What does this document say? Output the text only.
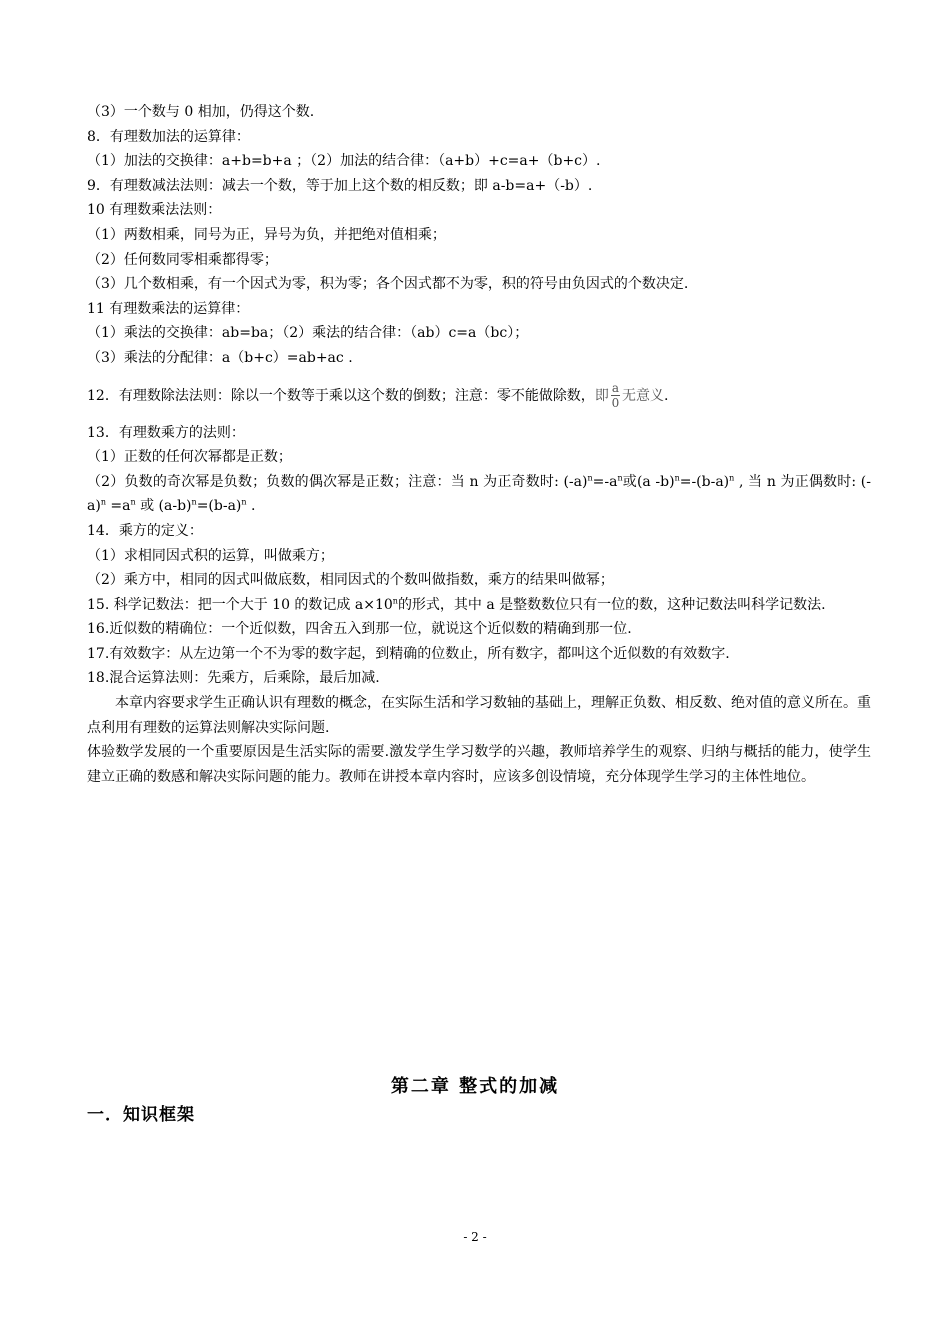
（3）一个数与 0 相加，仍得这个数.
8．有理数加法的运算律：
（1）加法的交换律：a+b=b+a ；（2）加法的结合律：（a+b）+c=a+（b+c）.
9．有理数减法法则：减去一个数，等于加上这个数的相反数；即 a-b=a+（-b）.
10 有理数乘法法则：
（1）两数相乘，同号为正，异号为负，并把绝对值相乘；
（2）任何数同零相乘都得零；
（3）几个数相乘，有一个因式为零，积为零；各个因式都不为零，积的符号由负因式的个数决定.
11 有理数乘法的运算律：
（1）乘法的交换律：ab=ba；（2）乘法的结合律：（ab）c=a（bc）；
（3）乘法的分配律：a（b+c）=ab+ac .
12．有理数除法法则：除以一个数等于乘以这个数的倒数；注意：零不能做除数，即 $\frac{a}{0}$ 无意义.
13．有理数乘方的法则：
（1）正数的任何次幂都是正数；
（2）负数的奇次幂是负数；负数的偶次幂是正数；注意：当 n 为正奇数时: $(-a)^n=-a^n$或(a $-b)^n=-(b-a)^n$ , 当 n 为正偶数时: $(-a)^n =a^n$ 或 $(a-b)^n=(b-a)^n$ .
14．乘方的定义：
（1）求相同因式积的运算，叫做乘方；
（2）乘方中，相同的因式叫做底数，相同因式的个数叫做指数，乘方的结果叫做幂；
15. 科学记数法：把一个大于 10 的数记成 $a\times 10^n$的形式，其中 a 是整数数位只有一位的数，这种记数法叫科学记数法.
16.近似数的精确位：一个近似数，四舍五入到那一位，就说这个近似数的精确到那一位.
17.有效数字：从左边第一个不为零的数字起，到精确的位数止，所有数字，都叫这个近似数的有效数字.
18.混合运算法则：先乘方，后乘除，最后加减.
本章内容要求学生正确认识有理数的概念，在实际生活和学习数轴的基础上，理解正负数、相反数、绝对值的意义所在。重点利用有理数的运算法则解决实际问题.
体验数学发展的一个重要原因是生活实际的需要.激发学生学习数学的兴趣，教师培养学生的观察、归纳与概括的能力，使学生建立正确的数感和解决实际问题的能力。教师在讲授本章内容时，应该多创设情境，充分体现学生学习的主体性地位。
第二章 整式的加减
一．知识框架
- 2 -
